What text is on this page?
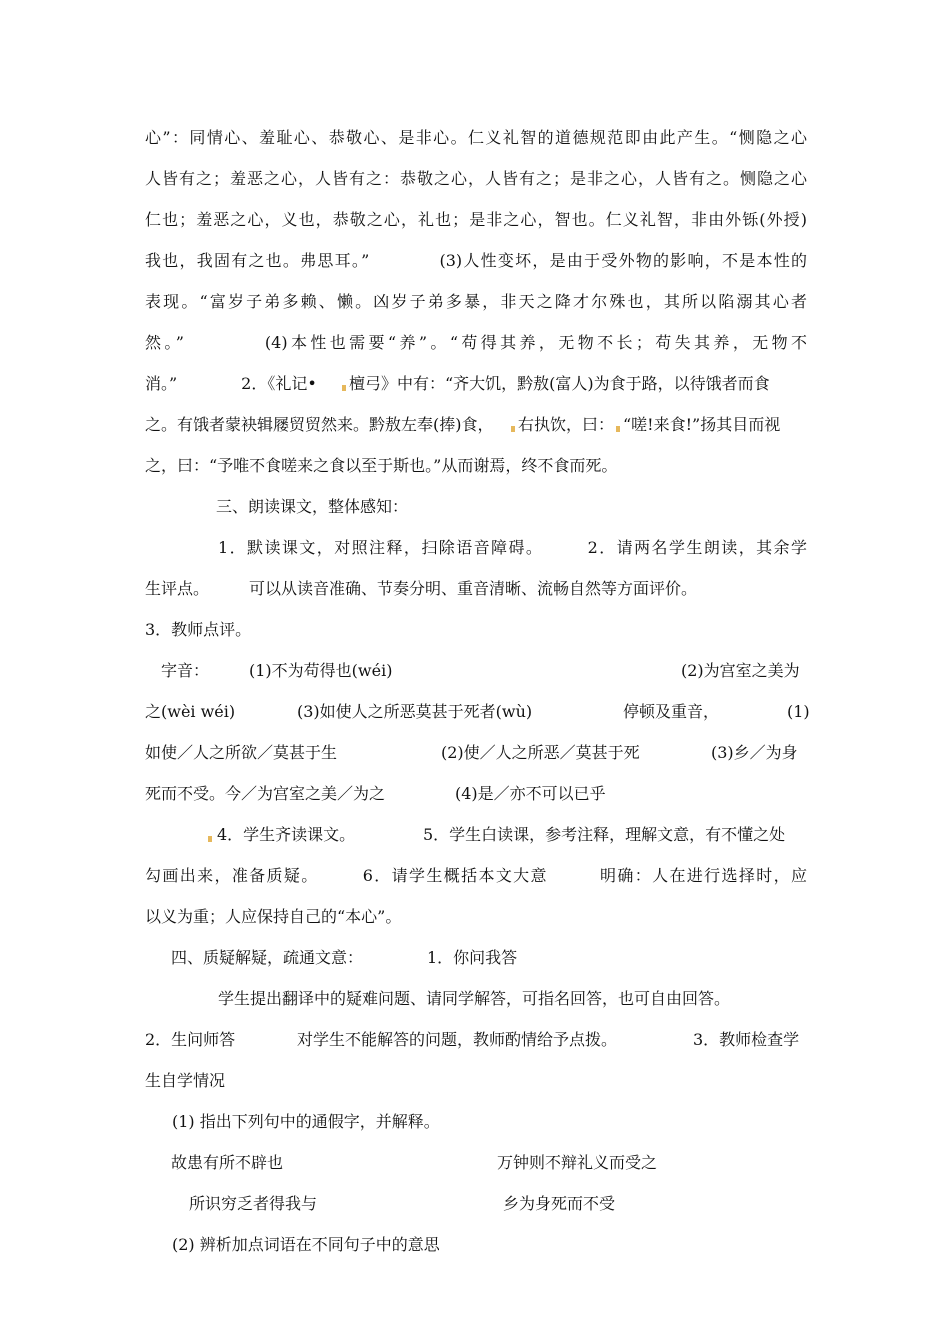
心”：同情心、羞耻心、恭敬心、是非心。仁义礼智的道德规范即由此产生。“恻隐之心
人皆有之；羞恶之心，人皆有之：恭敬之心，人皆有之；是非之心，人皆有之。恻隐之心
仁也；羞恶之心，义也，恭敬之心，礼也；是非之心，智也。仁义礼智，非由外铄(外授)
我也，我固有之也。弗思耳。”　　　　(3)人性变坏，是由于受外物的影响，不是本性的
表现。“富岁子弟多赖、懒。凶岁子弟多暴，非天之降才尔殊也，其所以陷溺其心者
然。”　　　　(4)本性也需要“养”。“苟得其养，无物不长；苟失其养，无物不
消。”　　　　2．《礼记• 檀弓》中有：“齐大饥，黔敖(富人)为食于路，以待饿者而食
之。有饿者蒙袂辑屦贸贸然来。黔敖左奉(捧)食， 右执饮，曰： “嗟!来食!”扬其目而视
之，曰：“予唯不食嗟来之食以至于斯也。”从而谢焉，终不食而死。
三、朗读课文，整体感知：
1．默读课文，对照注释，扫除语音障碍。　　　2．请两名学生朗读，其余学
生评点。　　　可以从读音准确、节奏分明、重音清晰、流畅自然等方面评价。
3．教师点评。
字音：　　　(1)不为苟得也(wéi)	(2)为宫室之美为
之(wèi wéi)	(3)如使人之所恶莫甚于死者(wù)	停顿及重音，	(1)
如使／人之所欲／莫甚于生	(2)使／人之所恶／莫甚于死	(3)乡／为身
死而不受。今／为宫室之美／为之	(4)是／亦不可以已乎
4．学生齐读课文。	5．学生白读课，参考注释，理解文意，有不懂之处
勾画出来，准备质疑。　　　6．请学生概括本文大意　　　明确：人在进行选择时，应
以义为重；人应保持自己的“本心”。
四、质疑解疑，疏通文意：	1．你问我答
学生提出翻译中的疑难问题、请同学解答，可指名回答，也可自由回答。
2．生问师答	对学生不能解答的问题，教师酌情给予点拨。	3．教师检查学
生自学情况
(1) 指出下列句中的通假字，并解释。
故患有所不辟也	万钟则不辩礼义而受之
所识穷乏者得我与	乡为身死而不受
(2) 辨析加点词语在不同句子中的意思
